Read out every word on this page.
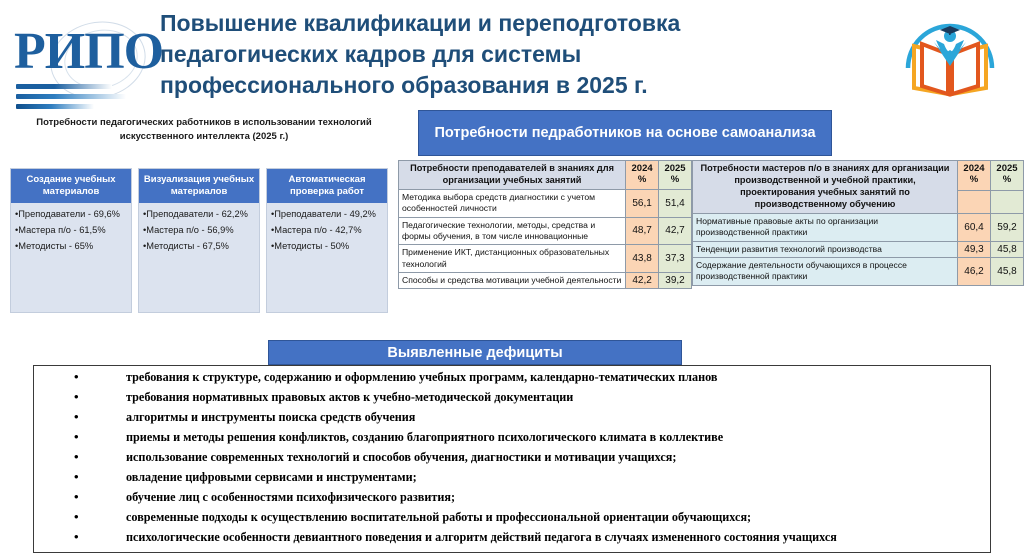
РИПО
Повышение квалификации и переподготовка
педагогических кадров для системы
профессионального образования в 2025 г.
Потребности педагогических работников в использовании технологий искусственного интеллекта (2025 г.)	Потребности педработников на основе самоанализа
Создание учебных материалов
•Преподаватели - 69,6%
•Мастера п/о - 61,5%
•Методисты - 65%
Визуализация учебных материалов
•Преподаватели - 62,2%
•Мастера п/о - 56,9%
•Методисты - 67,5%
Автоматическая проверка работ
•Преподаватели - 49,2%
•Мастера п/о - 42,7%
•Методисты - 50%
Потребности преподавателей в знаниях для организации учебных занятий	2024
%	2025
%
Методика выбора средств диагностики с учетом особенностей личности	56,1	51,4
Педагогические технологии, методы, средства и формы обучения, в том числе инновационные	48,7	42,7
Применение ИКТ, дистанционных образовательных технологий	43,8	37,3
Способы и средства мотивации учебной деятельности	42,2	39,2
Потребности мастеров п/о в знаниях для организации производственной и учебной практики, проектирования учебных занятий по производственному обучению	2024
%	2025
%

Нормативные правовые акты по организации производственной практики	60,4	59,2
Тенденции развития технологий производства	49,3	45,8
Содержание деятельности обучающихся в процессе производственной практики	46,2	45,8
Выявленные дефициты
• требования к структуре, содержанию и оформлению учебных программ, календарно-тематических планов
• требования нормативных правовых актов к учебно-методической документации
• алгоритмы и инструменты поиска средств обучения
• приемы и методы решения конфликтов, созданию благоприятного психологического климата в коллективе
• использование современных технологий и способов обучения, диагностики и мотивации учащихся;
• овладение цифровыми сервисами и инструментами;
• обучение лиц с особенностями психофизического развития;
• современные подходы к осуществлению воспитательной работы и профессиональной ориентации обучающихся;
• психологические особенности девиантного поведения и алгоритм действий педагога в случаях измененного состояния учащихся
